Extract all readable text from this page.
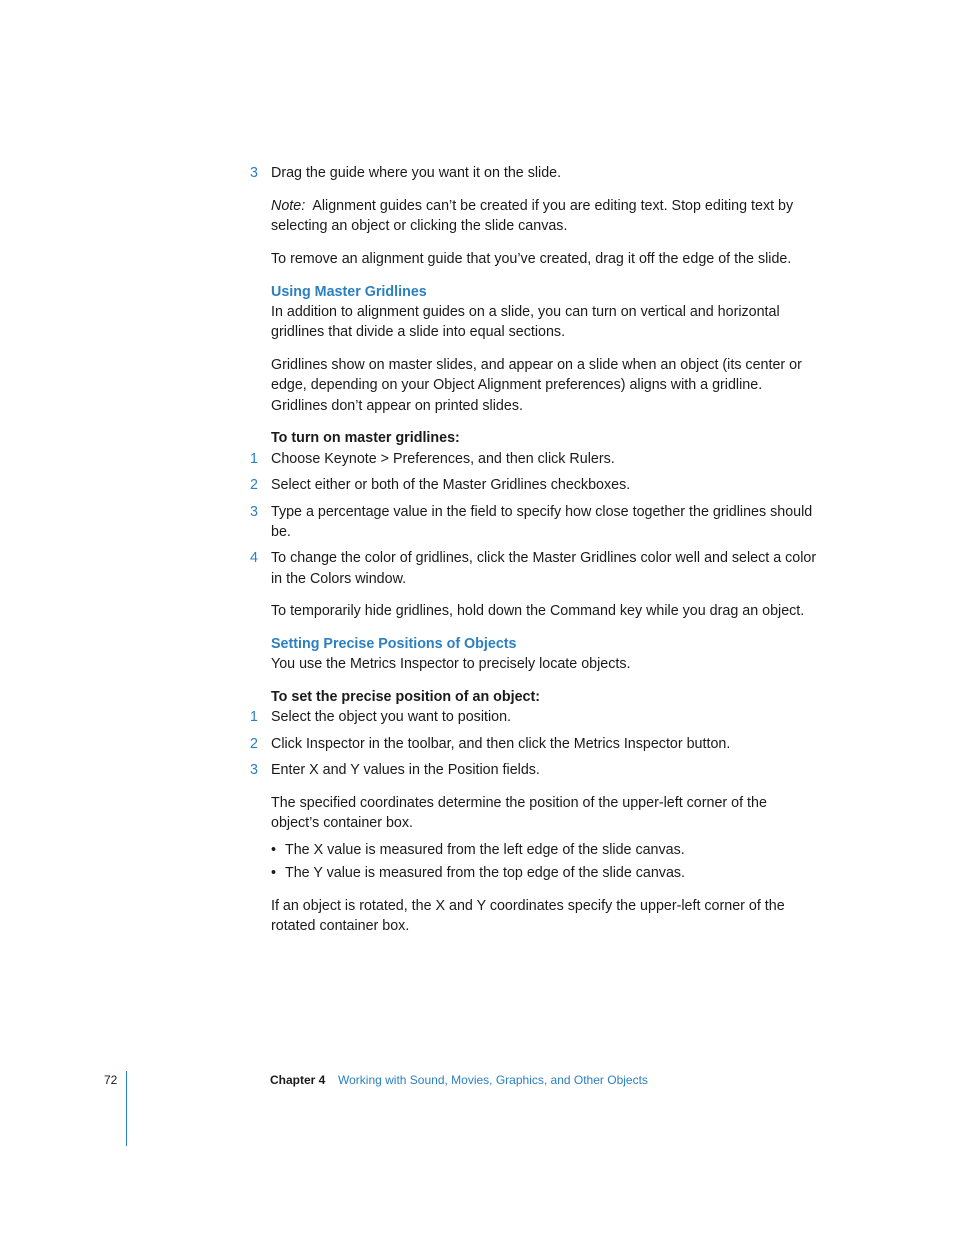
3 Drag the guide where you want it on the slide.
Note: Alignment guides can’t be created if you are editing text. Stop editing text by
selecting an object or clicking the slide canvas.
To remove an alignment guide that you’ve created, drag it off the edge of the slide.
Using Master Gridlines
In addition to alignment guides on a slide, you can turn on vertical and horizontal
gridlines that divide a slide into equal sections.
Gridlines show on master slides, and appear on a slide when an object (its center or
edge, depending on your Object Alignment preferences) aligns with a gridline.
Gridlines don’t appear on printed slides.
To turn on master gridlines:
1 Choose Keynote > Preferences, and then click Rulers.
2 Select either or both of the Master Gridlines checkboxes.
3 Type a percentage value in the field to specify how close together the gridlines should
be.
4 To change the color of gridlines, click the Master Gridlines color well and select a color
in the Colors window.
To temporarily hide gridlines, hold down the Command key while you drag an object.
Setting Precise Positions of Objects
You use the Metrics Inspector to precisely locate objects.
To set the precise position of an object:
1 Select the object you want to position.
2 Click Inspector in the toolbar, and then click the Metrics Inspector button.
3 Enter X and Y values in the Position fields.
The specified coordinates determine the position of the upper-left corner of the
object’s container box.
• The X value is measured from the left edge of the slide canvas.
• The Y value is measured from the top edge of the slide canvas.
If an object is rotated, the X and Y coordinates specify the upper-left corner of the
rotated container box.
72	Chapter 4 Working with Sound, Movies, Graphics, and Other Objects
